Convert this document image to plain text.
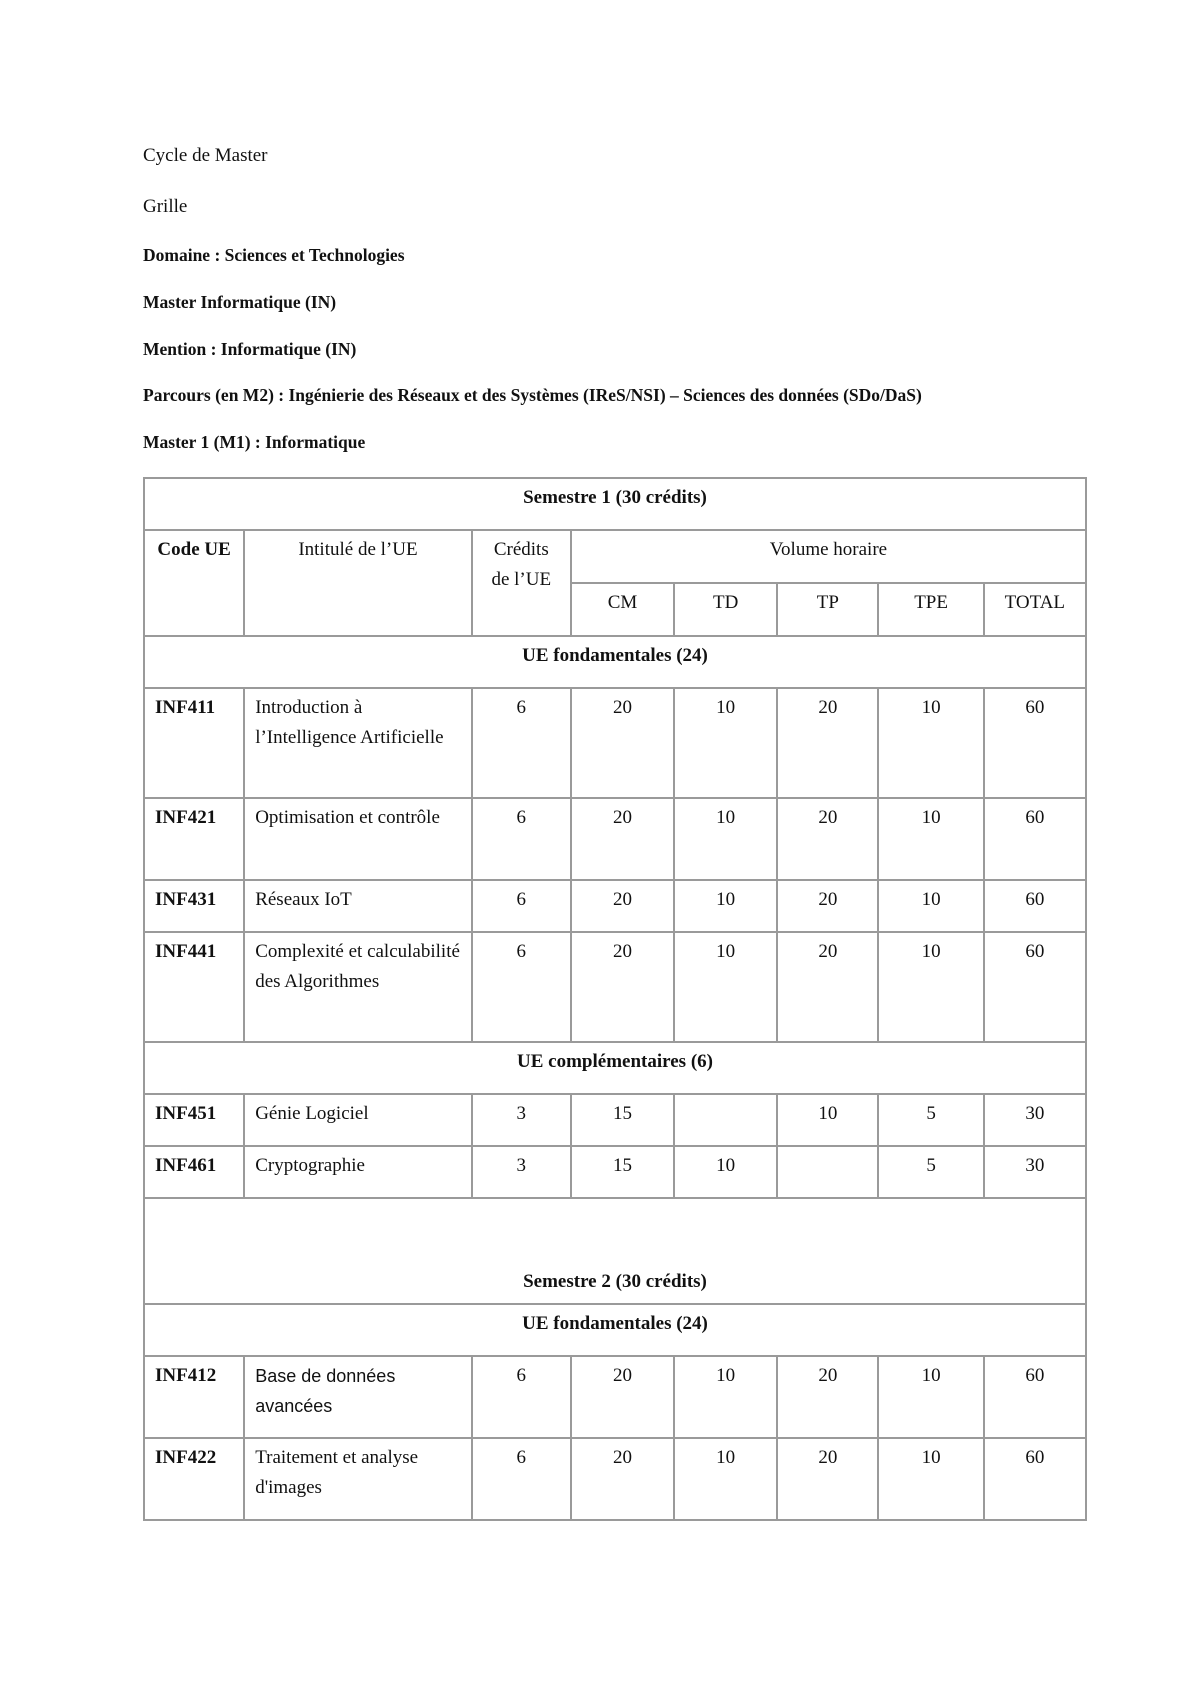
Cycle de Master
Grille
Domaine : Sciences et Technologies
Master Informatique (IN)
Mention : Informatique (IN)
Parcours (en M2) : Ingénierie des Réseaux et des Systèmes (IReS/NSI) – Sciences des données (SDo/DaS)
Master 1 (M1) : Informatique
Semestre 1 (30 crédits)							
Code UE	Intitulé de l’UE	Crédits de l’UE	Volume horaire				
			CM	TD	TP	TPE	TOTAL
UE fondamentales (24)							
INF411	Introduction à l’Intelligence Artificielle	6	20	10	20	10	60
INF421	Optimisation et contrôle	6	20	10	20	10	60
INF431	Réseaux IoT	6	20	10	20	10	60
INF441	Complexité et calculabilité des Algorithmes	6	20	10	20	10	60
UE complémentaires (6)							
INF451	Génie Logiciel	3	15		10	5	30
INF461	Cryptographie	3	15	10		5	30
Semestre 2 (30 crédits)							
UE fondamentales (24)							
INF412	Base de données avancées	6	20	10	20	10	60
INF422	Traitement et analyse d'images	6	20	10	20	10	60
